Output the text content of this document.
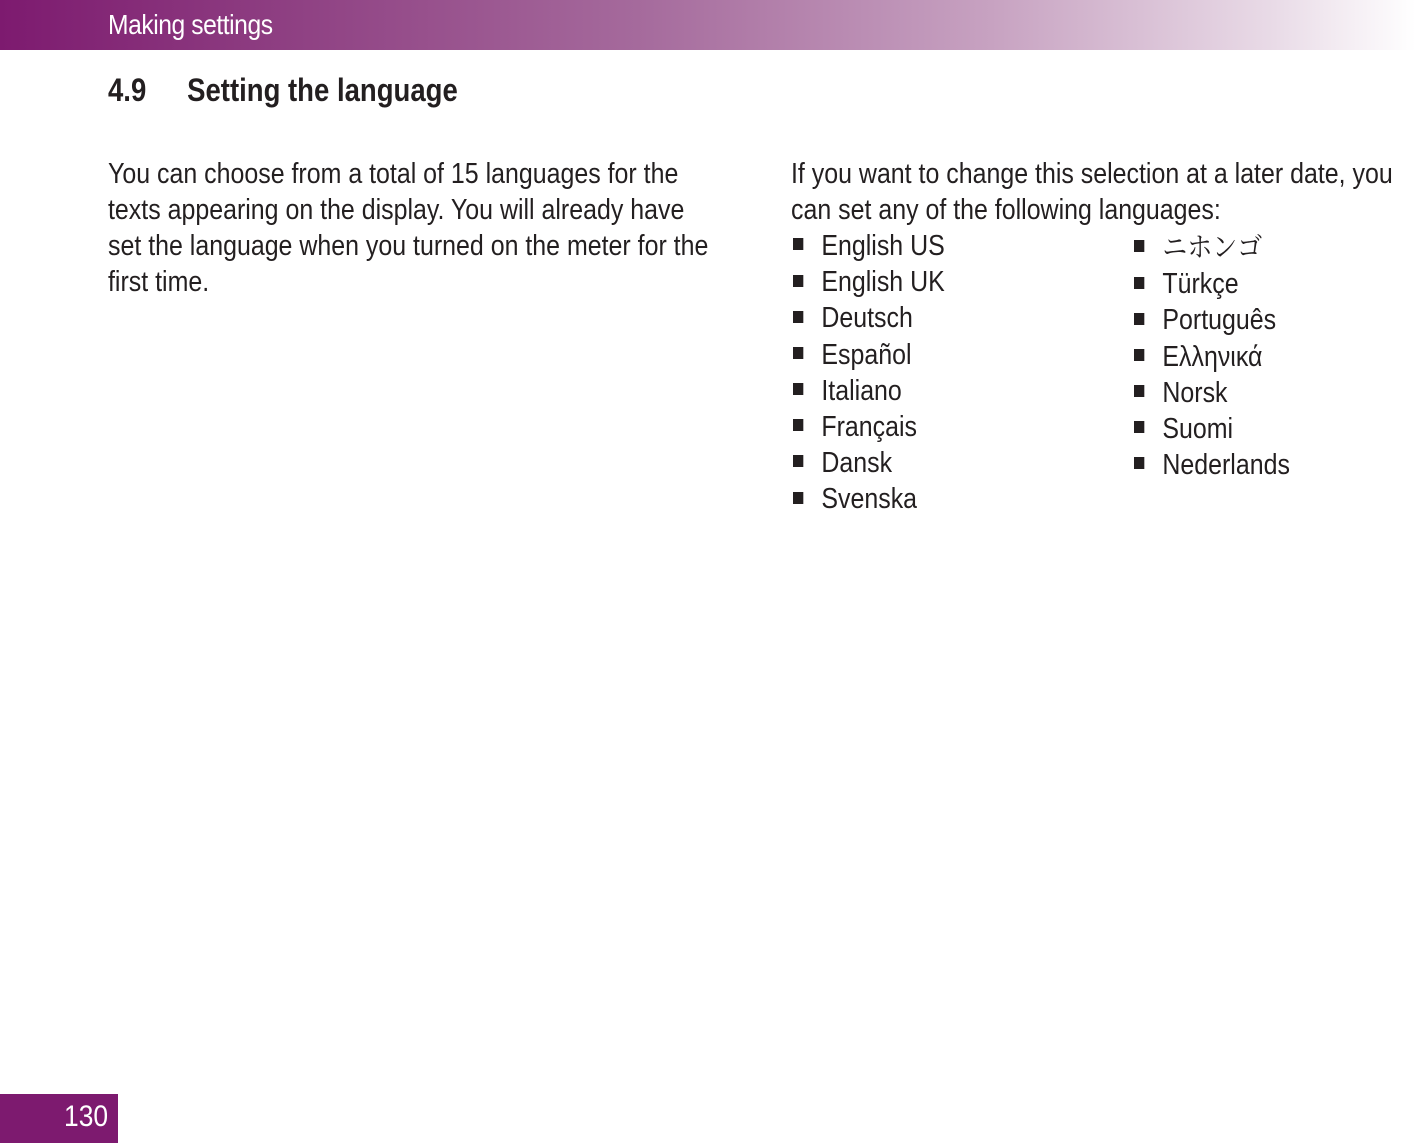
Making settings
4.9 Setting the language
You can choose from a total of 15 languages for the
texts appearing on the display. You will already have
set the language when you turned on the meter for the
first time.
If you want to change this selection at a later date, you
can set any of the following languages:
English US
English UK
Deutsch
Español
Italiano
Français
Dansk
Svenska
ニホンゴ
Türkçe
Português
Ελληνικά
Norsk
Suomi
Nederlands
130
